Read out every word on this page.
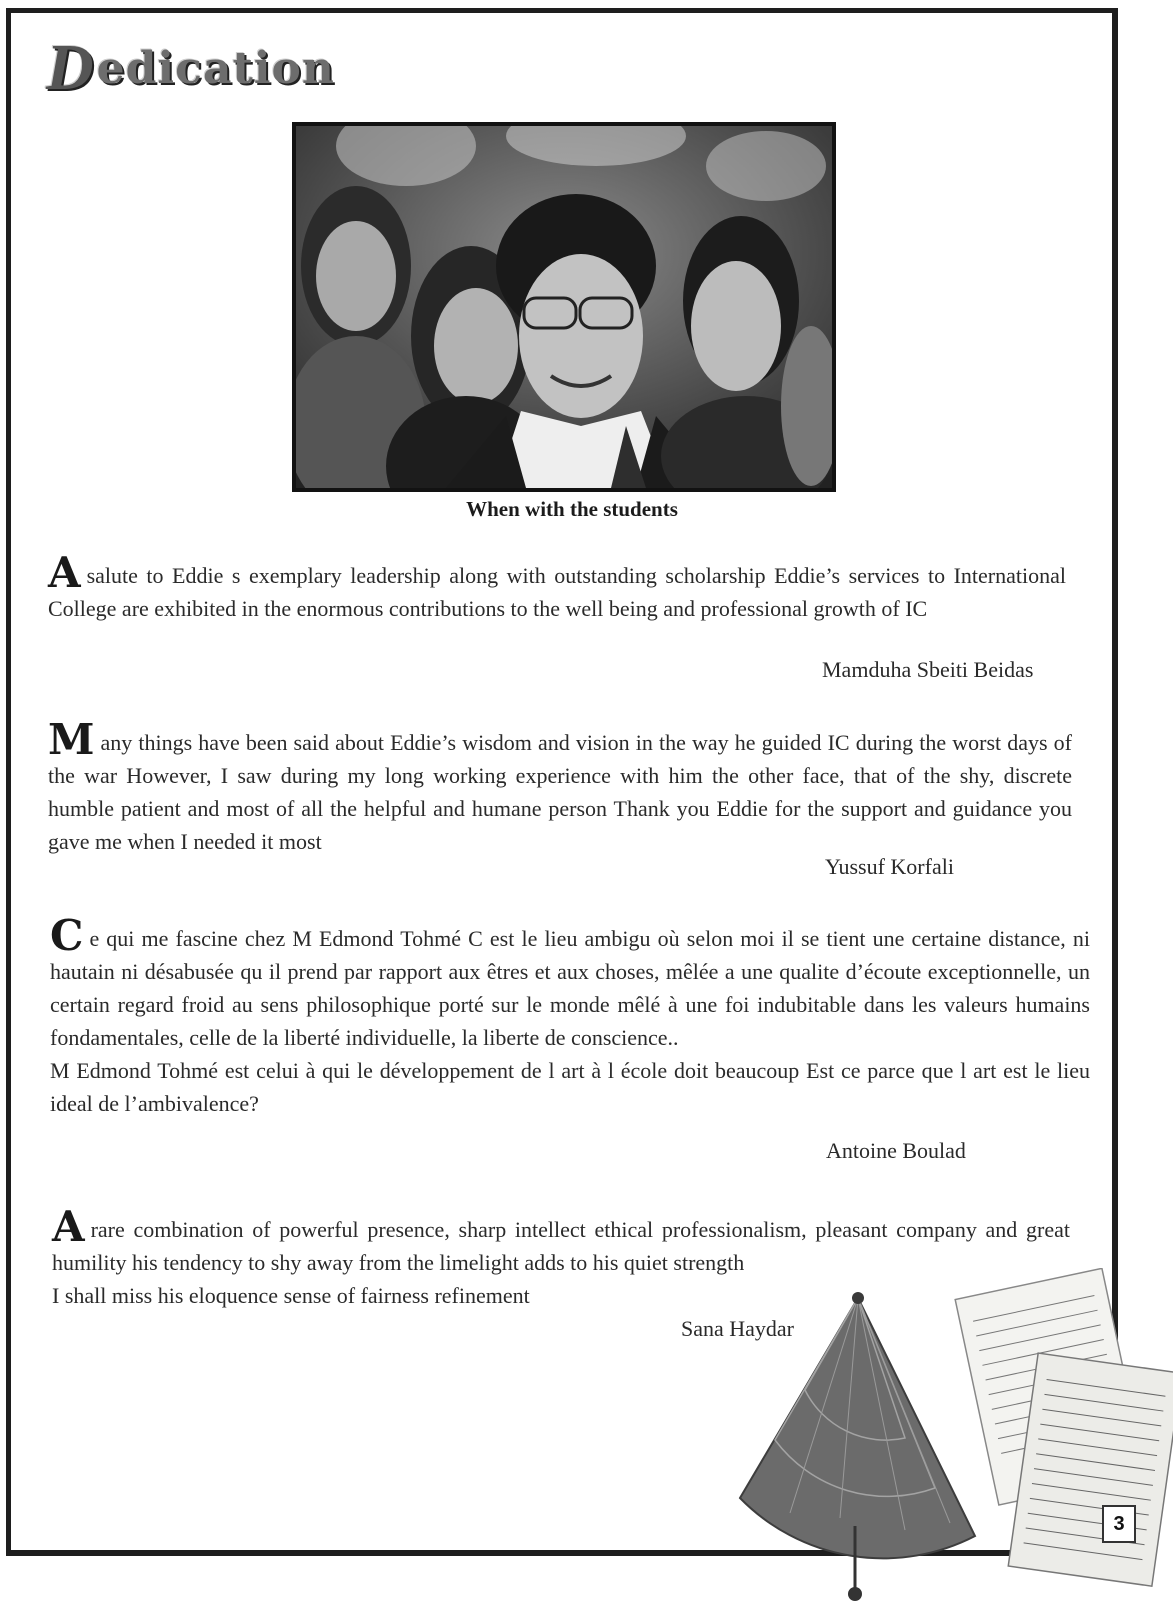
Dedication
When with the students
Asalute to Eddie s exemplary leadership along with outstanding scholarship Eddie’s services to International College are exhibited in the enormous contributions to the well being and professional growth of IC
Mamduha Sbeiti Beidas
Many things have been said about Eddie’s wisdom and vision in the way he guided IC during the worst days of the war However, I saw during my long working experience with him the other face, that of the shy, discrete humble patient and most of all the helpful and humane person Thank you Eddie for the support and guidance you gave me when I needed it most
Yussuf Korfali
Ce qui me fascine chez M Edmond Tohmé C est le lieu ambigu où selon moi il se tient une certaine distance, ni hautain ni désabusée qu il prend par rapport aux êtres et aux choses, mêlée a une qualite d’écoute exceptionnelle, un certain regard froid au sens philosophique porté sur le monde mêlé à une foi indubitable dans les valeurs humains fondamentales, celle de la liberté individuelle, la liberte de conscience..
M Edmond Tohmé est celui à qui le développement de l art à l école doit beaucoup Est ce parce que l art est le lieu ideal de l’ambivalence?
Antoine Boulad
Arare combination of powerful presence, sharp intellect ethical professionalism, pleasant company and great humility his tendency to shy away from the limelight adds to his quiet strength
I shall miss his eloquence sense of fairness refinement
Sana Haydar
3
